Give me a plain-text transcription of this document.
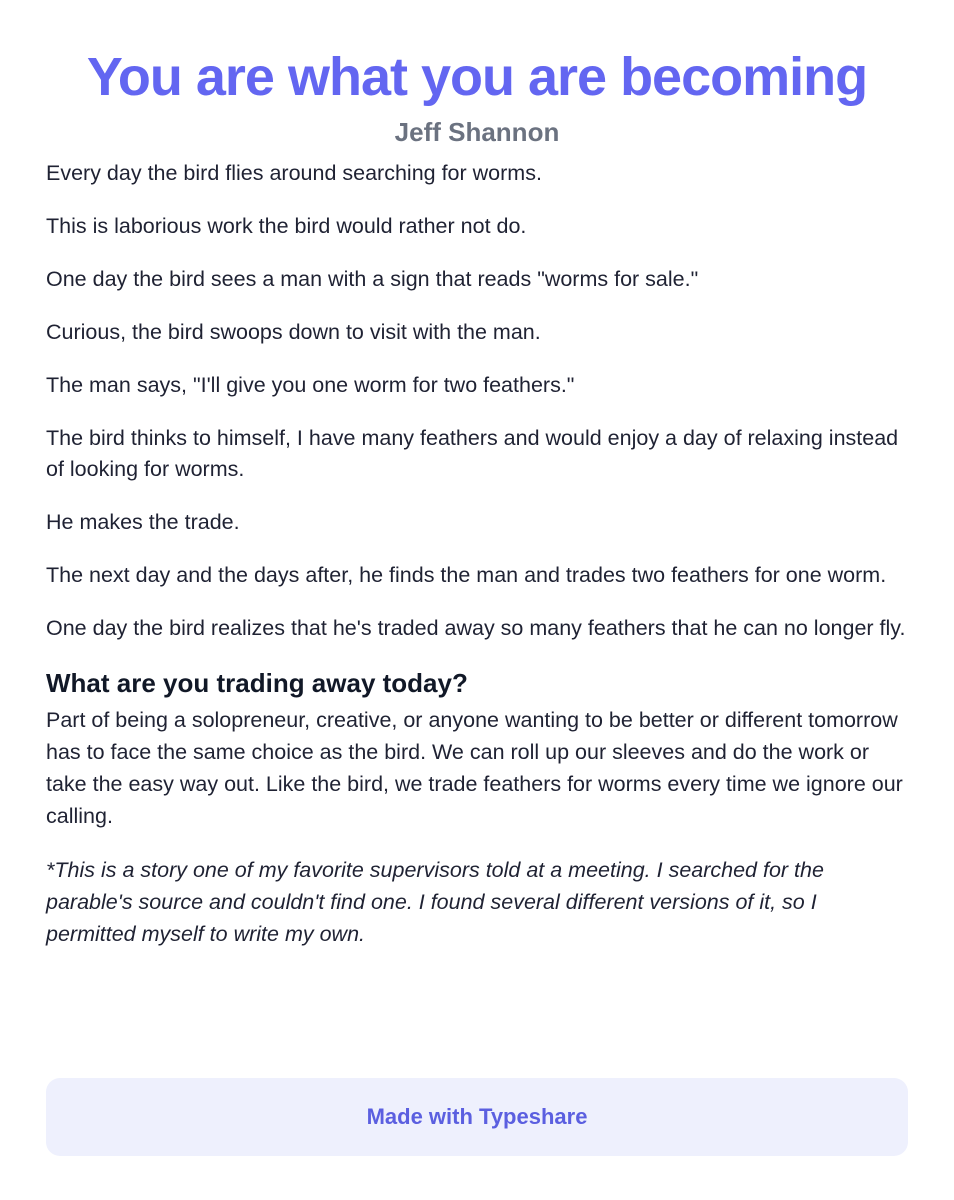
You are what you are becoming
Jeff Shannon

Every day the bird flies around searching for worms.

This is laborious work the bird would rather not do.

One day the bird sees a man with a sign that reads "worms for sale."

Curious, the bird swoops down to visit with the man.

The man says, "I'll give you one worm for two feathers."

The bird thinks to himself, I have many feathers and would enjoy a day of relaxing instead of looking for worms.

He makes the trade.

The next day and the days after, he finds the man and trades two feathers for one worm.

One day the bird realizes that he's traded away so many feathers that he can no longer fly.

What are you trading away today?

Part of being a solopreneur, creative, or anyone wanting to be better or different tomorrow has to face the same choice as the bird. We can roll up our sleeves and do the work or take the easy way out. Like the bird, we trade feathers for worms every time we ignore our calling.

*This is a story one of my favorite supervisors told at a meeting. I searched for the parable's source and couldn't find one. I found several different versions of it, so I permitted myself to write my own.

Made with Typeshare
